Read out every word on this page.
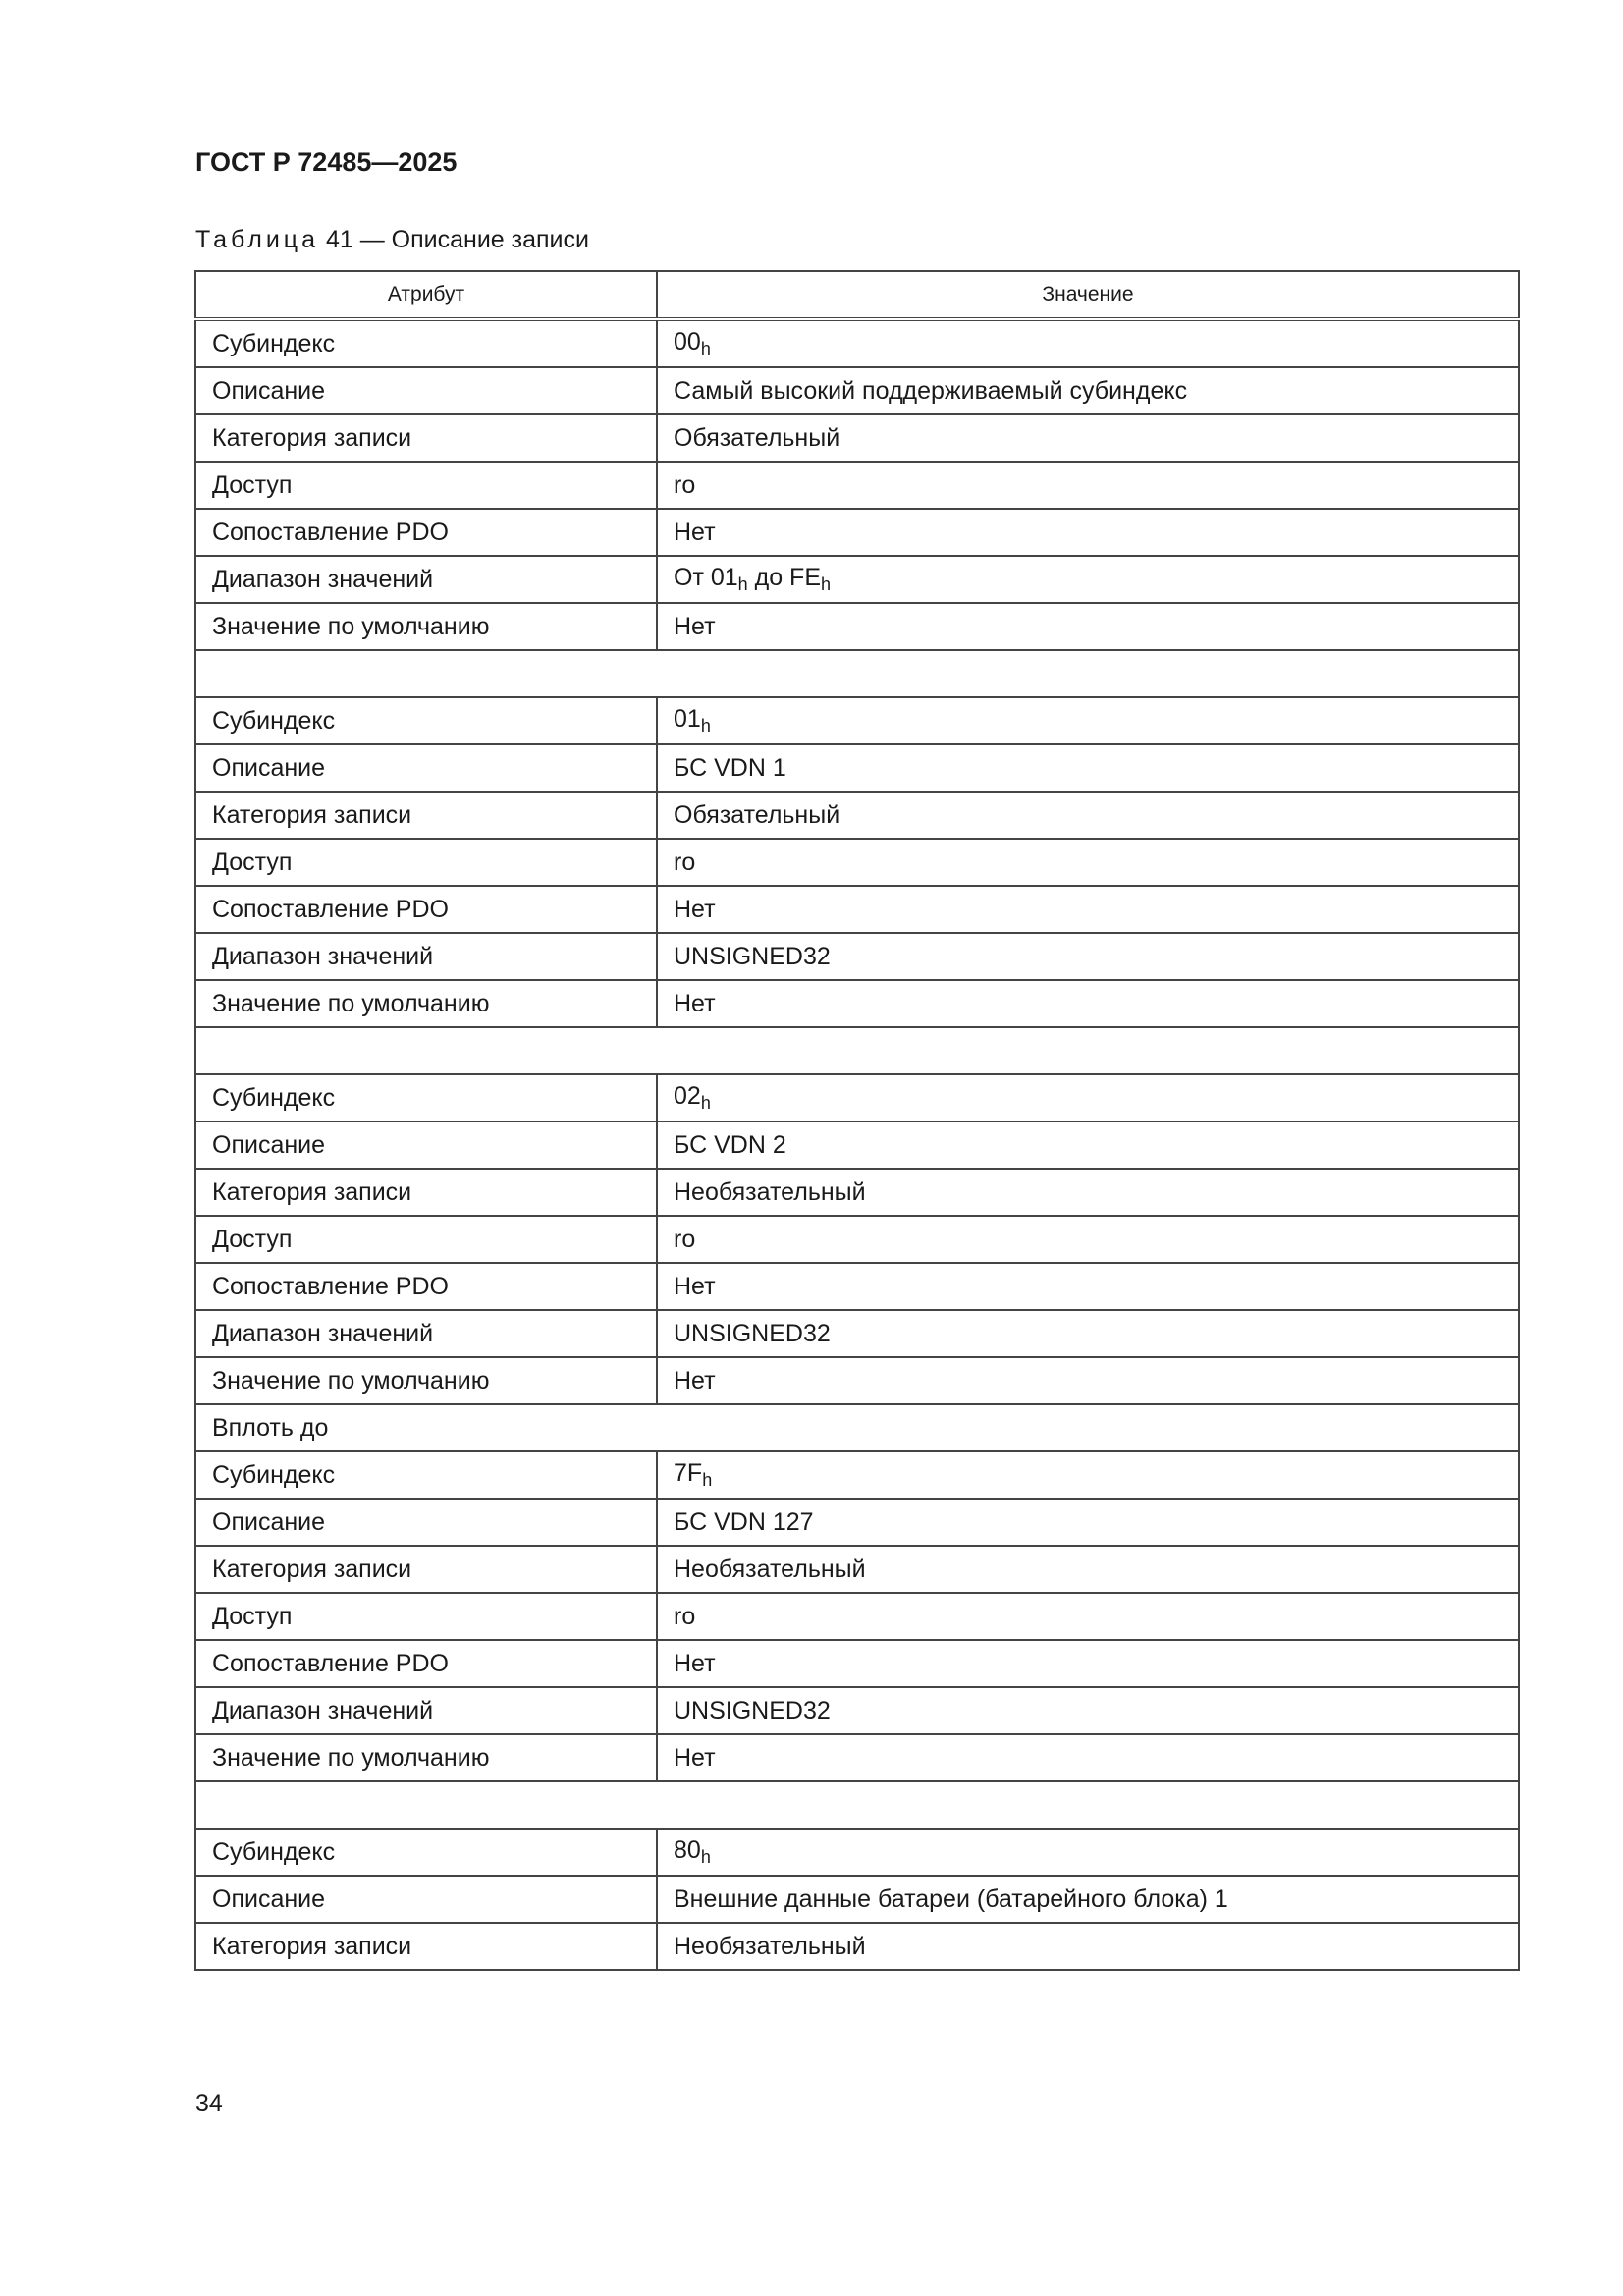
ГОСТ Р 72485—2025
Таблица 41 — Описание записи
Атрибут	Значение
Субиндекс	$00_h$
Описание	Самый высокий поддерживаемый субиндекс
Категория записи	Обязательный
Доступ	ro
Сопоставление PDO	Нет
Диапазон значений	От $01_h$ до $FE_h$
Значение по умолчанию	Нет

Субиндекс	$01_h$
Описание	БС VDN 1
Категория записи	Обязательный
Доступ	ro
Сопоставление PDO	Нет
Диапазон значений	UNSIGNED32
Значение по умолчанию	Нет

Субиндекс	$02_h$
Описание	БС VDN 2
Категория записи	Необязательный
Доступ	ro
Сопоставление PDO	Нет
Диапазон значений	UNSIGNED32
Значение по умолчанию	Нет
Вплоть до	
Субиндекс	$7F_h$
Описание	БС VDN 127
Категория записи	Необязательный
Доступ	ro
Сопоставление PDO	Нет
Диапазон значений	UNSIGNED32
Значение по умолчанию	Нет

Субиндекс	$80_h$
Описание	Внешние данные батареи (батарейного блока) 1
Категория записи	Необязательный
34
